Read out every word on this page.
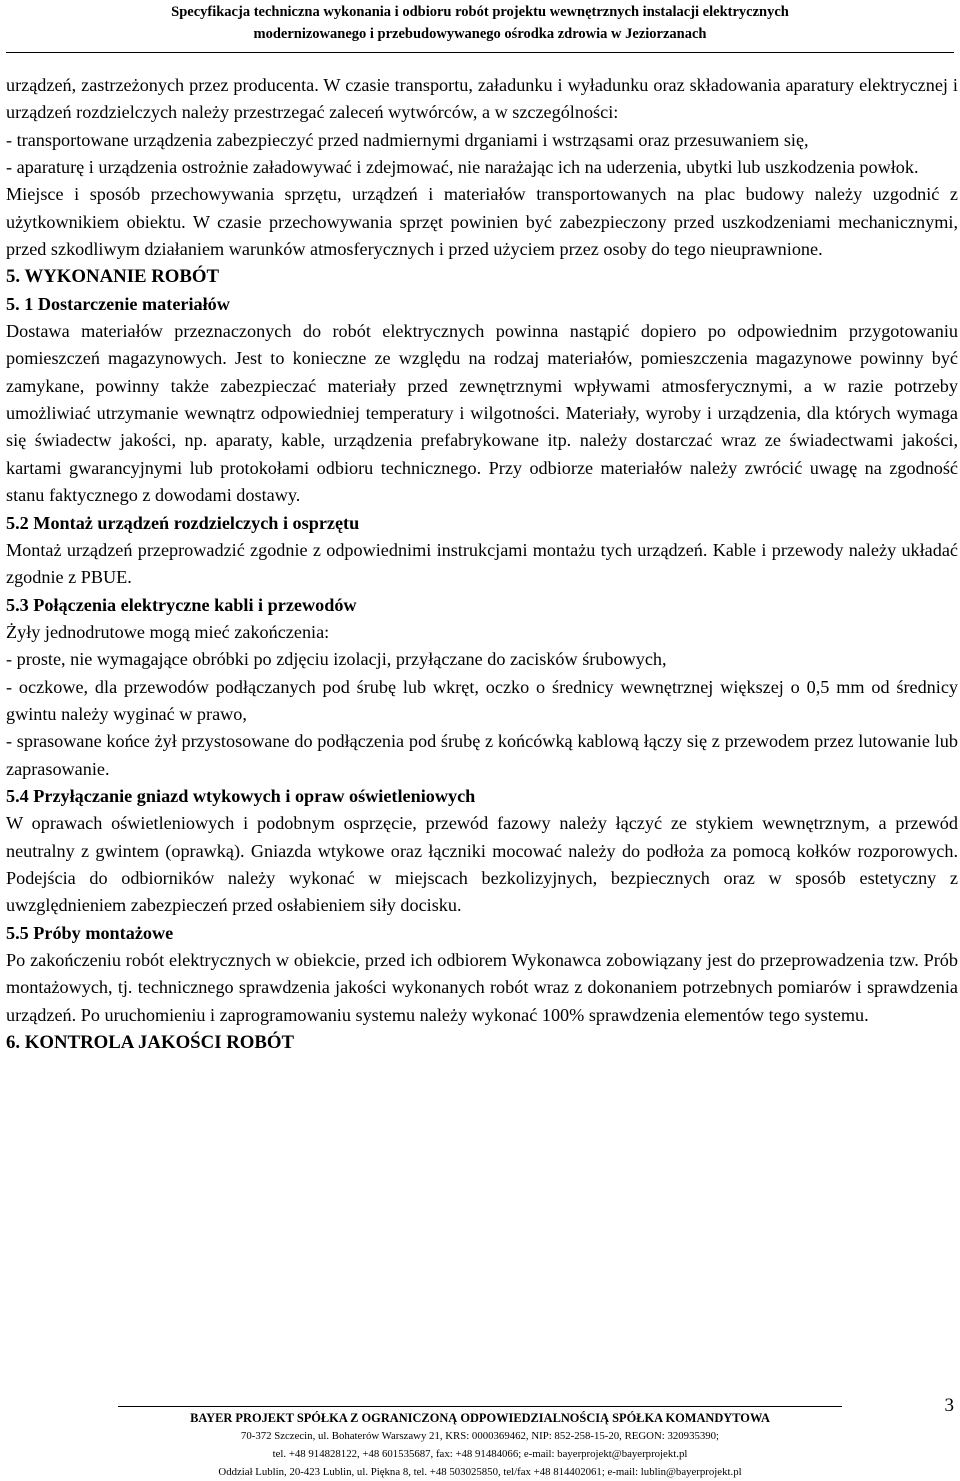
Specyfikacja techniczna wykonania i odbioru robót projektu wewnętrznych instalacji elektrycznych
modernizowanego i przebudowywanego ośrodka zdrowia w Jeziorzanach

urządzeń, zastrzeżonych przez producenta. W czasie transportu, załadunku i wyładunku oraz składowania aparatury elektrycznej i urządzeń rozdzielczych należy przestrzegać zaleceń wytwórców, a w szczególności:

- transportowane urządzenia zabezpieczyć przed nadmiernymi drganiami i wstrząsami oraz przesuwaniem się,

- aparaturę i urządzenia ostrożnie załadowywać i zdejmować, nie narażając ich na uderzenia, ubytki lub uszkodzenia powłok.

Miejsce i sposób przechowywania sprzętu, urządzeń i materiałów transportowanych na plac budowy należy uzgodnić z użytkownikiem obiektu. W czasie przechowywania sprzęt powinien być zabezpieczony przed uszkodzeniami mechanicznymi, przed szkodliwym działaniem warunków atmosferycznych i przed użyciem przez osoby do tego nieuprawnione.

5. WYKONANIE ROBÓT
5. 1 Dostarczenie materiałów

Dostawa materiałów przeznaczonych do robót elektrycznych powinna nastąpić dopiero po odpowiednim przygotowaniu pomieszczeń magazynowych. Jest to konieczne ze względu na rodzaj materiałów, pomieszczenia magazynowe powinny być zamykane, powinny także zabezpieczać materiały przed zewnętrznymi wpływami atmosferycznymi, a w razie potrzeby umożliwiać utrzymanie wewnątrz odpowiedniej temperatury i wilgotności. Materiały, wyroby i urządzenia, dla których wymaga się świadectw jakości, np. aparaty, kable, urządzenia prefabrykowane itp. należy dostarczać wraz ze świadectwami jakości, kartami gwarancyjnymi lub protokołami odbioru technicznego. Przy odbiorze materiałów należy zwrócić uwagę na zgodność stanu faktycznego z dowodami dostawy.

5.2 Montaż urządzeń rozdzielczych i osprzętu

Montaż urządzeń przeprowadzić zgodnie z odpowiednimi instrukcjami montażu tych urządzeń. Kable i przewody należy układać zgodnie z PBUE.

5.3 Połączenia elektryczne kabli i przewodów

Żyły jednodrutowe mogą mieć zakończenia:

- proste, nie wymagające obróbki po zdjęciu izolacji, przyłączane do zacisków śrubowych,

- oczkowe, dla przewodów podłączanych pod śrubę lub wkręt, oczko o średnicy wewnętrznej większej o 0,5 mm od średnicy gwintu należy wyginać w prawo,

- sprasowane końce żył przystosowane do podłączenia pod śrubę z końcówką kablową łączy się z przewodem przez lutowanie lub zaprasowanie.

5.4 Przyłączanie gniazd wtykowych i opraw oświetleniowych

W oprawach oświetleniowych i podobnym osprzęcie, przewód fazowy należy łączyć ze stykiem wewnętrznym, a przewód neutralny z gwintem (oprawką). Gniazda wtykowe oraz łączniki mocować należy do podłoża za pomocą kołków rozporowych. Podejścia do odbiorników należy wykonać w miejscach bezkolizyjnych, bezpiecznych oraz w sposób estetyczny z uwzględnieniem zabezpieczeń przed osłabieniem siły docisku.

5.5 Próby montażowe

Po zakończeniu robót elektrycznych w obiekcie, przed ich odbiorem Wykonawca zobowiązany jest do przeprowadzenia tzw. Prób montażowych, tj. technicznego sprawdzenia jakości wykonanych robót wraz z dokonaniem potrzebnych pomiarów i sprawdzenia urządzeń. Po uruchomieniu i zaprogramowaniu systemu należy wykonać 100% sprawdzenia elementów tego systemu.

6. KONTROLA JAKOŚCI ROBÓT
BAYER PROJEKT SPÓŁKA Z OGRANICZONĄ ODPOWIEDZIALNOŚCIĄ SPÓŁKA KOMANDYTOWA
70-372 Szczecin, ul. Bohaterów Warszawy 21, KRS: 0000369462, NIP: 852-258-15-20, REGON: 320935390;
tel. +48 914828122, +48 601535687, fax: +48 91484066; e-mail: bayerprojekt@bayerprojekt.pl
Oddział Lublin, 20-423 Lublin, ul. Piękna 8, tel. +48 503025850, tel/fax +48 814402061; e-mail: lublin@bayerprojekt.pl
3
